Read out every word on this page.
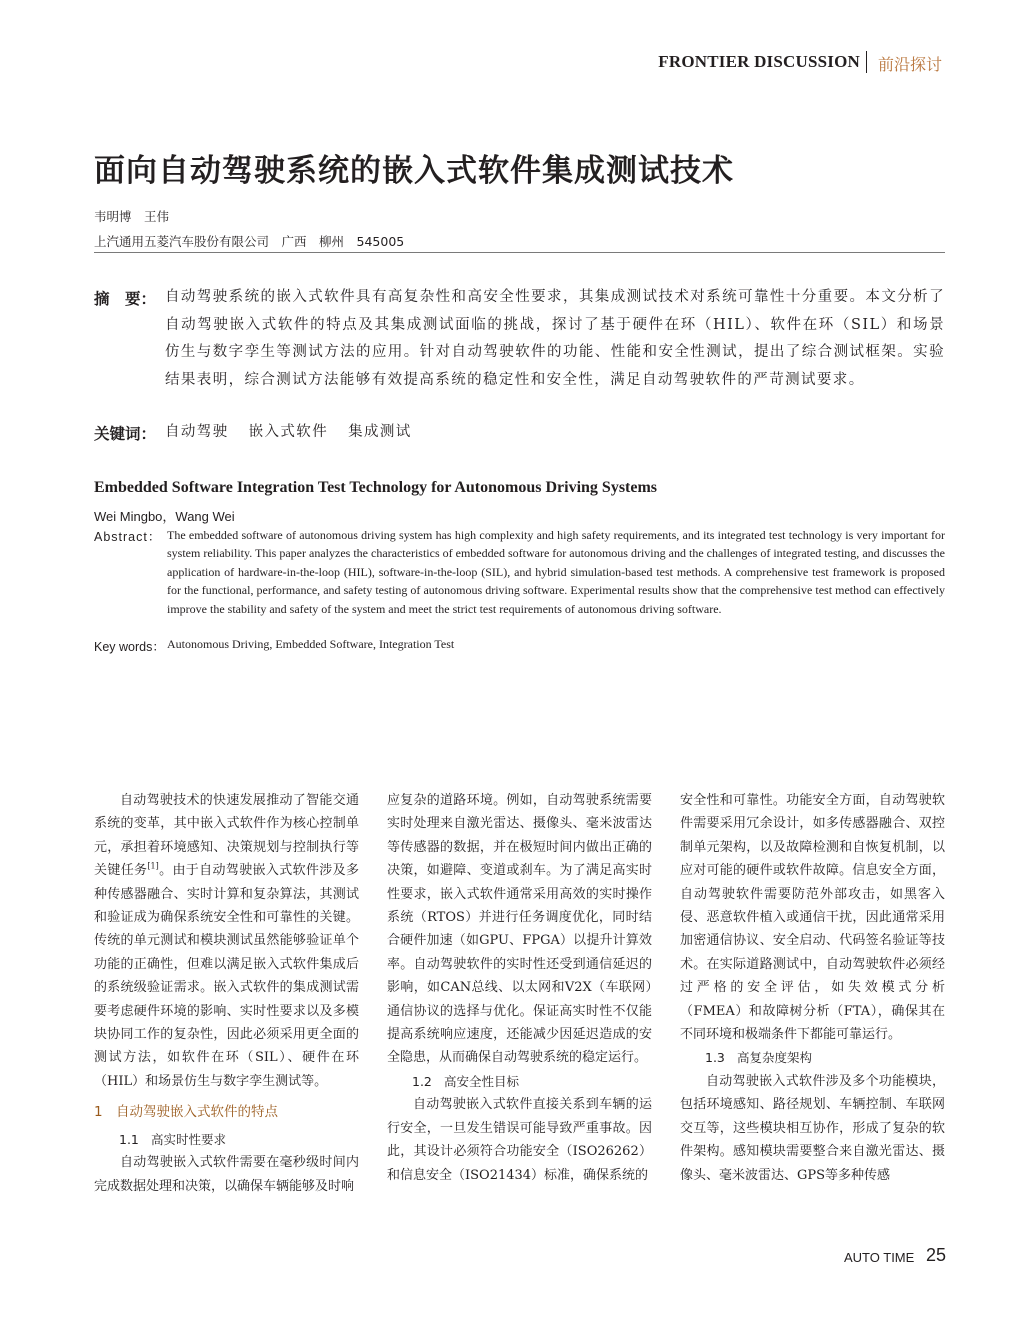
FRONTIER DISCUSSION 前沿探讨
面向自动驾驶系统的嵌入式软件集成测试技术
韦明博　王伟
上汽通用五菱汽车股份有限公司　广西　柳州　545005
摘　要： 自动驾驶系统的嵌入式软件具有高复杂性和高安全性要求，其集成测试技术对系统可靠性十分重要。本文分析了自动驾驶嵌入式软件的特点及其集成测试面临的挑战，探讨了基于硬件在环（HIL）、软件在环（SIL）和场景仿生与数字孪生等测试方法的应用。针对自动驾驶软件的功能、性能和安全性测试，提出了综合测试框架。实验结果表明，综合测试方法能够有效提高系统的稳定性和安全性，满足自动驾驶软件的严苛测试要求。
关键词： 自动驾驶 嵌入式软件 集成测试
Embedded Software Integration Test Technology for Autonomous Driving Systems
Wei Mingbo，Wang Wei
Abstract： The embedded software of autonomous driving system has high complexity and high safety requirements, and its integrated test technology is very important for system reliability. This paper analyzes the characteristics of embedded software for autonomous driving and the challenges of integrated testing, and discusses the application of hardware-in-the-loop (HIL), software-in-the-loop (SIL), and hybrid simulation-based test methods. A comprehensive test framework is proposed for the functional, performance, and safety testing of autonomous driving software. Experimental results show that the comprehensive test method can effectively improve the stability and safety of the system and meet the strict test requirements of autonomous driving software.
Key words： Autonomous Driving, Embedded Software, Integration Test

自动驾驶技术的快速发展推动了智能交通系统的变革，其中嵌入式软件作为核心控制单元，承担着环境感知、决策规划与控制执行等关键任务[1]。由于自动驾驶嵌入式软件涉及多种传感器融合、实时计算和复杂算法，其测试和验证成为确保系统安全性和可靠性的关键。传统的单元测试和模块测试虽然能够验证单个功能的正确性，但难以满足嵌入式软件集成后的系统级验证需求。嵌入式软件的集成测试需要考虑硬件环境的影响、实时性要求以及多模块协同工作的复杂性，因此必须采用更全面的测试方法，如软件在环（SIL）、硬件在环（HIL）和场景仿生与数字孪生测试等。

1 自动驾驶嵌入式软件的特点
1.1 高实时性要求

自动驾驶嵌入式软件需要在毫秒级时间内完成数据处理和决策，以确保车辆能够及时响

应复杂的道路环境。例如，自动驾驶系统需要实时处理来自激光雷达、摄像头、毫米波雷达等传感器的数据，并在极短时间内做出正确的决策，如避障、变道或刹车。为了满足高实时性要求，嵌入式软件通常采用高效的实时操作系统（RTOS）并进行任务调度优化，同时结合硬件加速（如GPU、FPGA）以提升计算效率。自动驾驶软件的实时性还受到通信延迟的影响，如CAN总线、以太网和V2X（车联网）通信协议的选择与优化。保证高实时性不仅能提高系统响应速度，还能减少因延迟造成的安全隐患，从而确保自动驾驶系统的稳定运行。

1.2 高安全性目标

自动驾驶嵌入式软件直接关系到车辆的运行安全，一旦发生错误可能导致严重事故。因此，其设计必须符合功能安全（ISO26262）和信息安全（ISO21434）标准，确保系统的

安全性和可靠性。功能安全方面，自动驾驶软件需要采用冗余设计，如多传感器融合、双控制单元架构，以及故障检测和自恢复机制，以应对可能的硬件或软件故障。信息安全方面，自动驾驶软件需要防范外部攻击，如黑客入侵、恶意软件植入或通信干扰，因此通常采用加密通信协议、安全启动、代码签名验证等技术。在实际道路测试中，自动驾驶软件必须经过严格的安全评估，如失效模式分析（FMEA）和故障树分析（FTA），确保其在不同环境和极端条件下都能可靠运行。

1.3 高复杂度架构

自动驾驶嵌入式软件涉及多个功能模块，包括环境感知、路径规划、车辆控制、车联网交互等，这些模块相互协作，形成了复杂的软件架构。感知模块需要整合来自激光雷达、摄像头、毫米波雷达、GPS等多种传感

AUTO TIME 25
